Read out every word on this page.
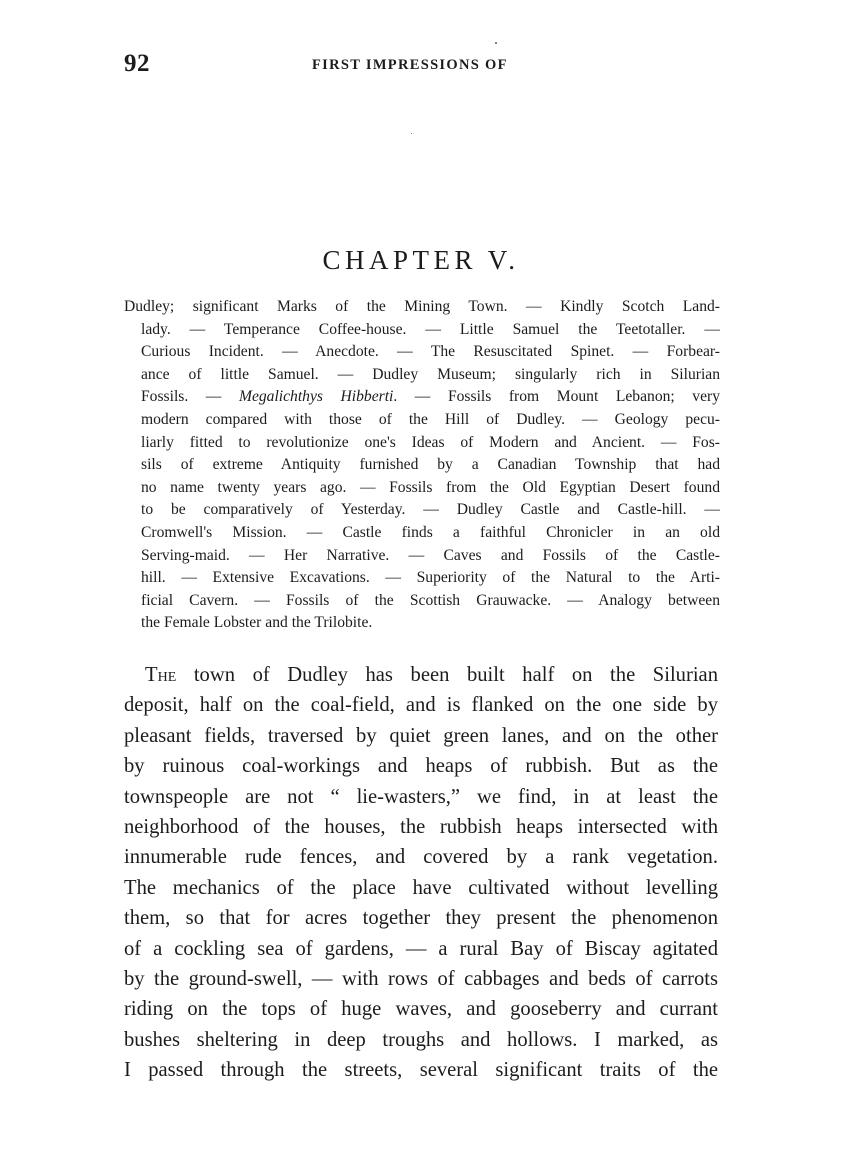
92	FIRST IMPRESSIONS OF
CHAPTER V.
Dudley; significant Marks of the Mining Town. — Kindly Scotch Land-
lady. — Temperance Coffee-house. — Little Samuel the Teetotaller. —
Curious Incident. — Anecdote. — The Resuscitated Spinet. — Forbear-
ance of little Samuel. — Dudley Museum; singularly rich in Silurian
Fossils. — Megalichthys Hibberti. — Fossils from Mount Lebanon; very
modern compared with those of the Hill of Dudley. — Geology pecu-
liarly fitted to revolutionize one's Ideas of Modern and Ancient. — Fos-
sils of extreme Antiquity furnished by a Canadian Township that had
no name twenty years ago. — Fossils from the Old Egyptian Desert found
to be comparatively of Yesterday. — Dudley Castle and Castle-hill. —
Cromwell's Mission. — Castle finds a faithful Chronicler in an old
Serving-maid. — Her Narrative. — Caves and Fossils of the Castle-
hill. — Extensive Excavations. — Superiority of the Natural to the Arti-
ficial Cavern. — Fossils of the Scottish Grauwacke. — Analogy between
the Female Lobster and the Trilobite.
The town of Dudley has been built half on the Silurian
deposit, half on the coal-field, and is flanked on the one side by
pleasant fields, traversed by quiet green lanes, and on the other
by ruinous coal-workings and heaps of rubbish. But as the
townspeople are not “ lie-wasters,” we find, in at least the
neighborhood of the houses, the rubbish heaps intersected with
innumerable rude fences, and covered by a rank vegetation.
The mechanics of the place have cultivated without levelling
them, so that for acres together they present the phenomenon
of a cockling sea of gardens, — a rural Bay of Biscay agitated
by the ground-swell, — with rows of cabbages and beds of carrots
riding on the tops of huge waves, and gooseberry and currant
bushes sheltering in deep troughs and hollows. I marked, as
I passed through the streets, several significant traits of the
